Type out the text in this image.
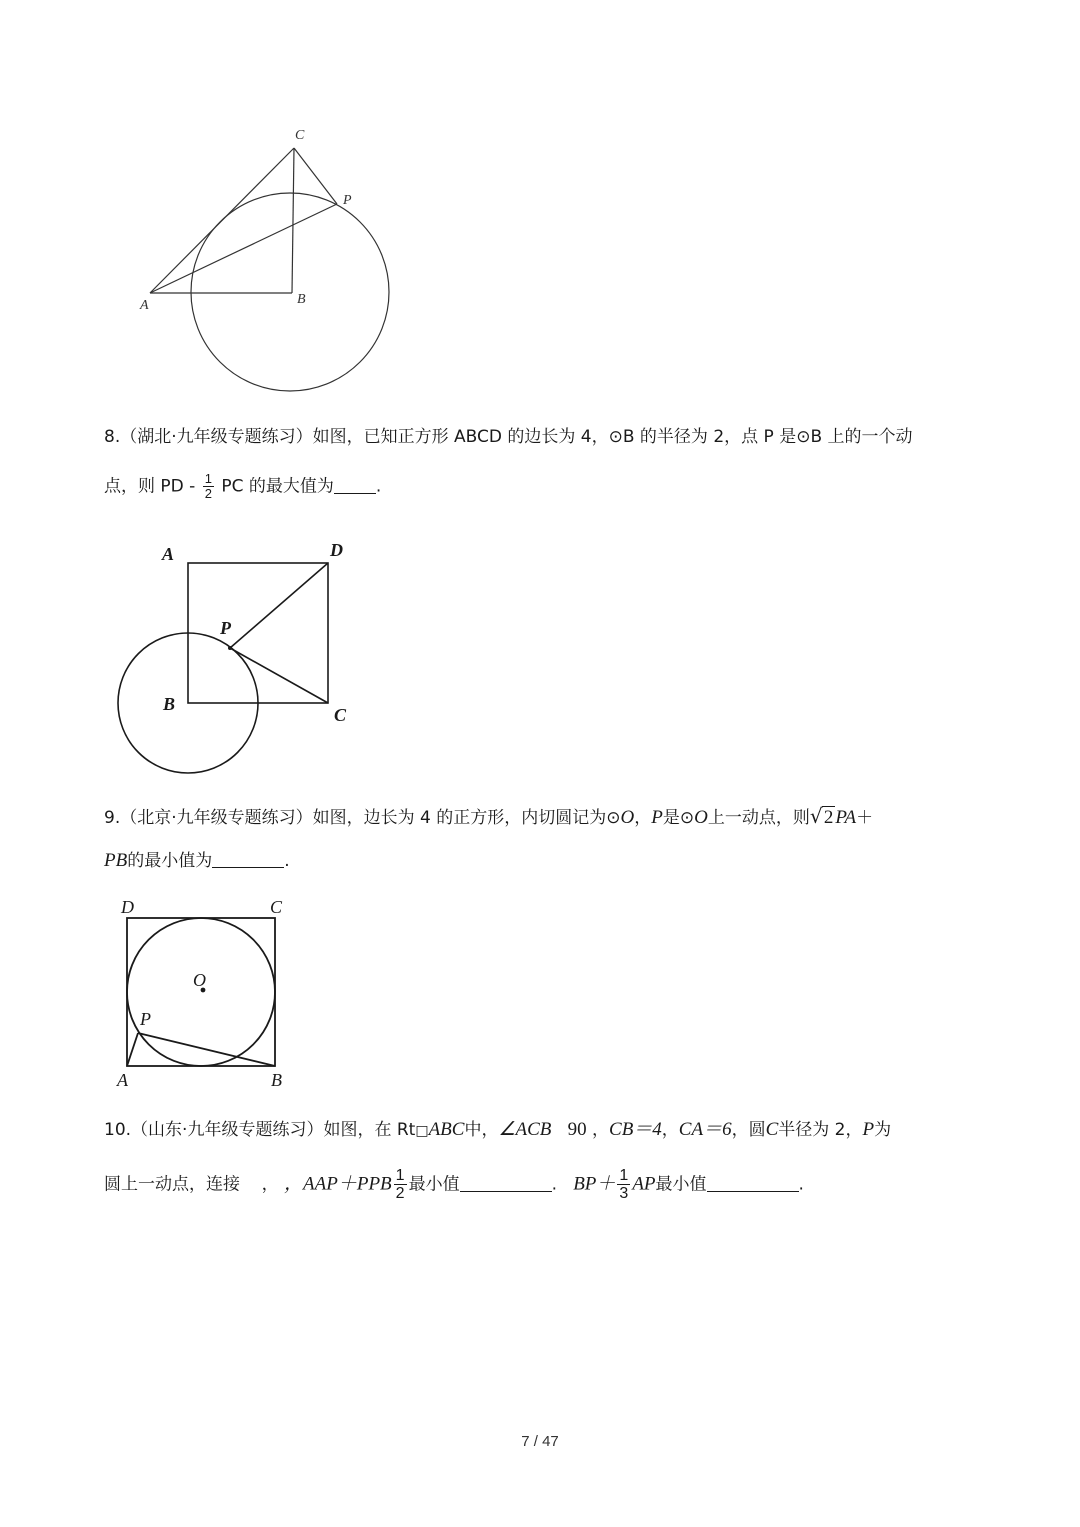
C
P
A	B
8.（湖北·九年级专题练习）如图，已知正方形 ABCD 的边长为 4，⊙B 的半径为 2，点 P 是⊙B 上的一个动
点，则 PD - $\frac{1}{2}$ PC 的最大值为 .
A	D
P
B
C
9.（北京·九年级专题练习）如图，边长为 4 的正方形，内切圆记为⊙O，P是⊙O上一动点，则 √ 2 PA＋
PB的最小值为	.
D	C
O
P
A	B
10.（山东·九年级专题练习）如图，在 Rt□ABC中，∠ACB 90 ，CB＝4，CA＝6，圆C半径为 2，P为
圆上一动点，连接 ， ，$AAP+PPB \frac{1}{2}$ 最小值	. $BP+ \frac{1}{3}$ AP最小值	.
7 / 47
